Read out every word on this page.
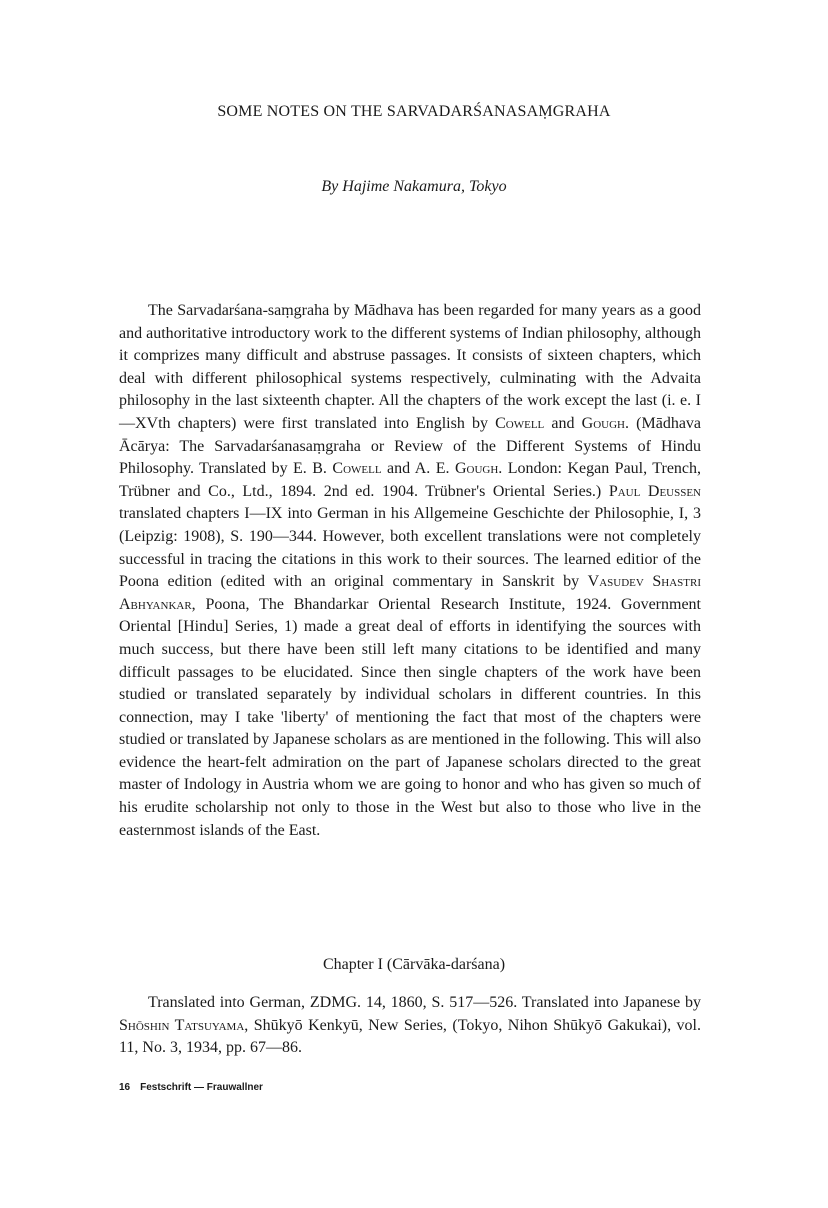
SOME NOTES ON THE SARVADARŚANASAṂGRAHA
By Hajime Nakamura, Tokyo

The Sarvadarśana-saṃgraha by Mādhava has been regarded for many years as a good and authoritative introductory work to the different systems of Indian philosophy, although it comprizes many difficult and abstruse passages. It consists of sixteen chapters, which deal with different philosophical systems respectively, culminating with the Advaita philosophy in the last sixteenth chapter. All the chapters of the work except the last (i. e. I—XVth chapters) were first translated into English by Cowell and Gough. (Mādhava Ācārya: The Sarvadarśanasaṃgraha or Review of the Different Systems of Hindu Philosophy. Translated by E. B. Cowell and A. E. Gough. London: Kegan Paul, Trench, Trübner and Co., Ltd., 1894. 2nd ed. 1904. Trübner's Oriental Series.) Paul Deussen translated chapters I—IX into German in his Allgemeine Geschichte der Philosophie, I, 3 (Leipzig: 1908), S. 190—344. However, both excellent translations were not completely successful in tracing the citations in this work to their sources. The learned editior of the Poona edition (edited with an original commentary in Sanskrit by Vasudev Shastri Abhyankar, Poona, The Bhandarkar Oriental Research Institute, 1924. Government Oriental [Hindu] Series, 1) made a great deal of efforts in identifying the sources with much success, but there have been still left many citations to be identified and many difficult passages to be elucidated. Since then single chapters of the work have been studied or translated separately by individual scholars in different countries. In this connection, may I take 'liberty' of mentioning the fact that most of the chapters were studied or translated by Japanese scholars as are mentioned in the following. This will also evidence the heart-felt admiration on the part of Japanese scholars directed to the great master of Indology in Austria whom we are going to honor and who has given so much of his erudite scholarship not only to those in the West but also to those who live in the easternmost islands of the East.

Chapter I (Cārvāka-darśana)

Translated into German, ZDMG. 14, 1860, S. 517—526. Translated into Japanese by Shōshin Tatsuyama, Shūkyō Kenkyū, New Series, (Tokyo, Nihon Shūkyō Gakukai), vol. 11, No. 3, 1934, pp. 67—86.

16 Festschrift — Frauwallner
